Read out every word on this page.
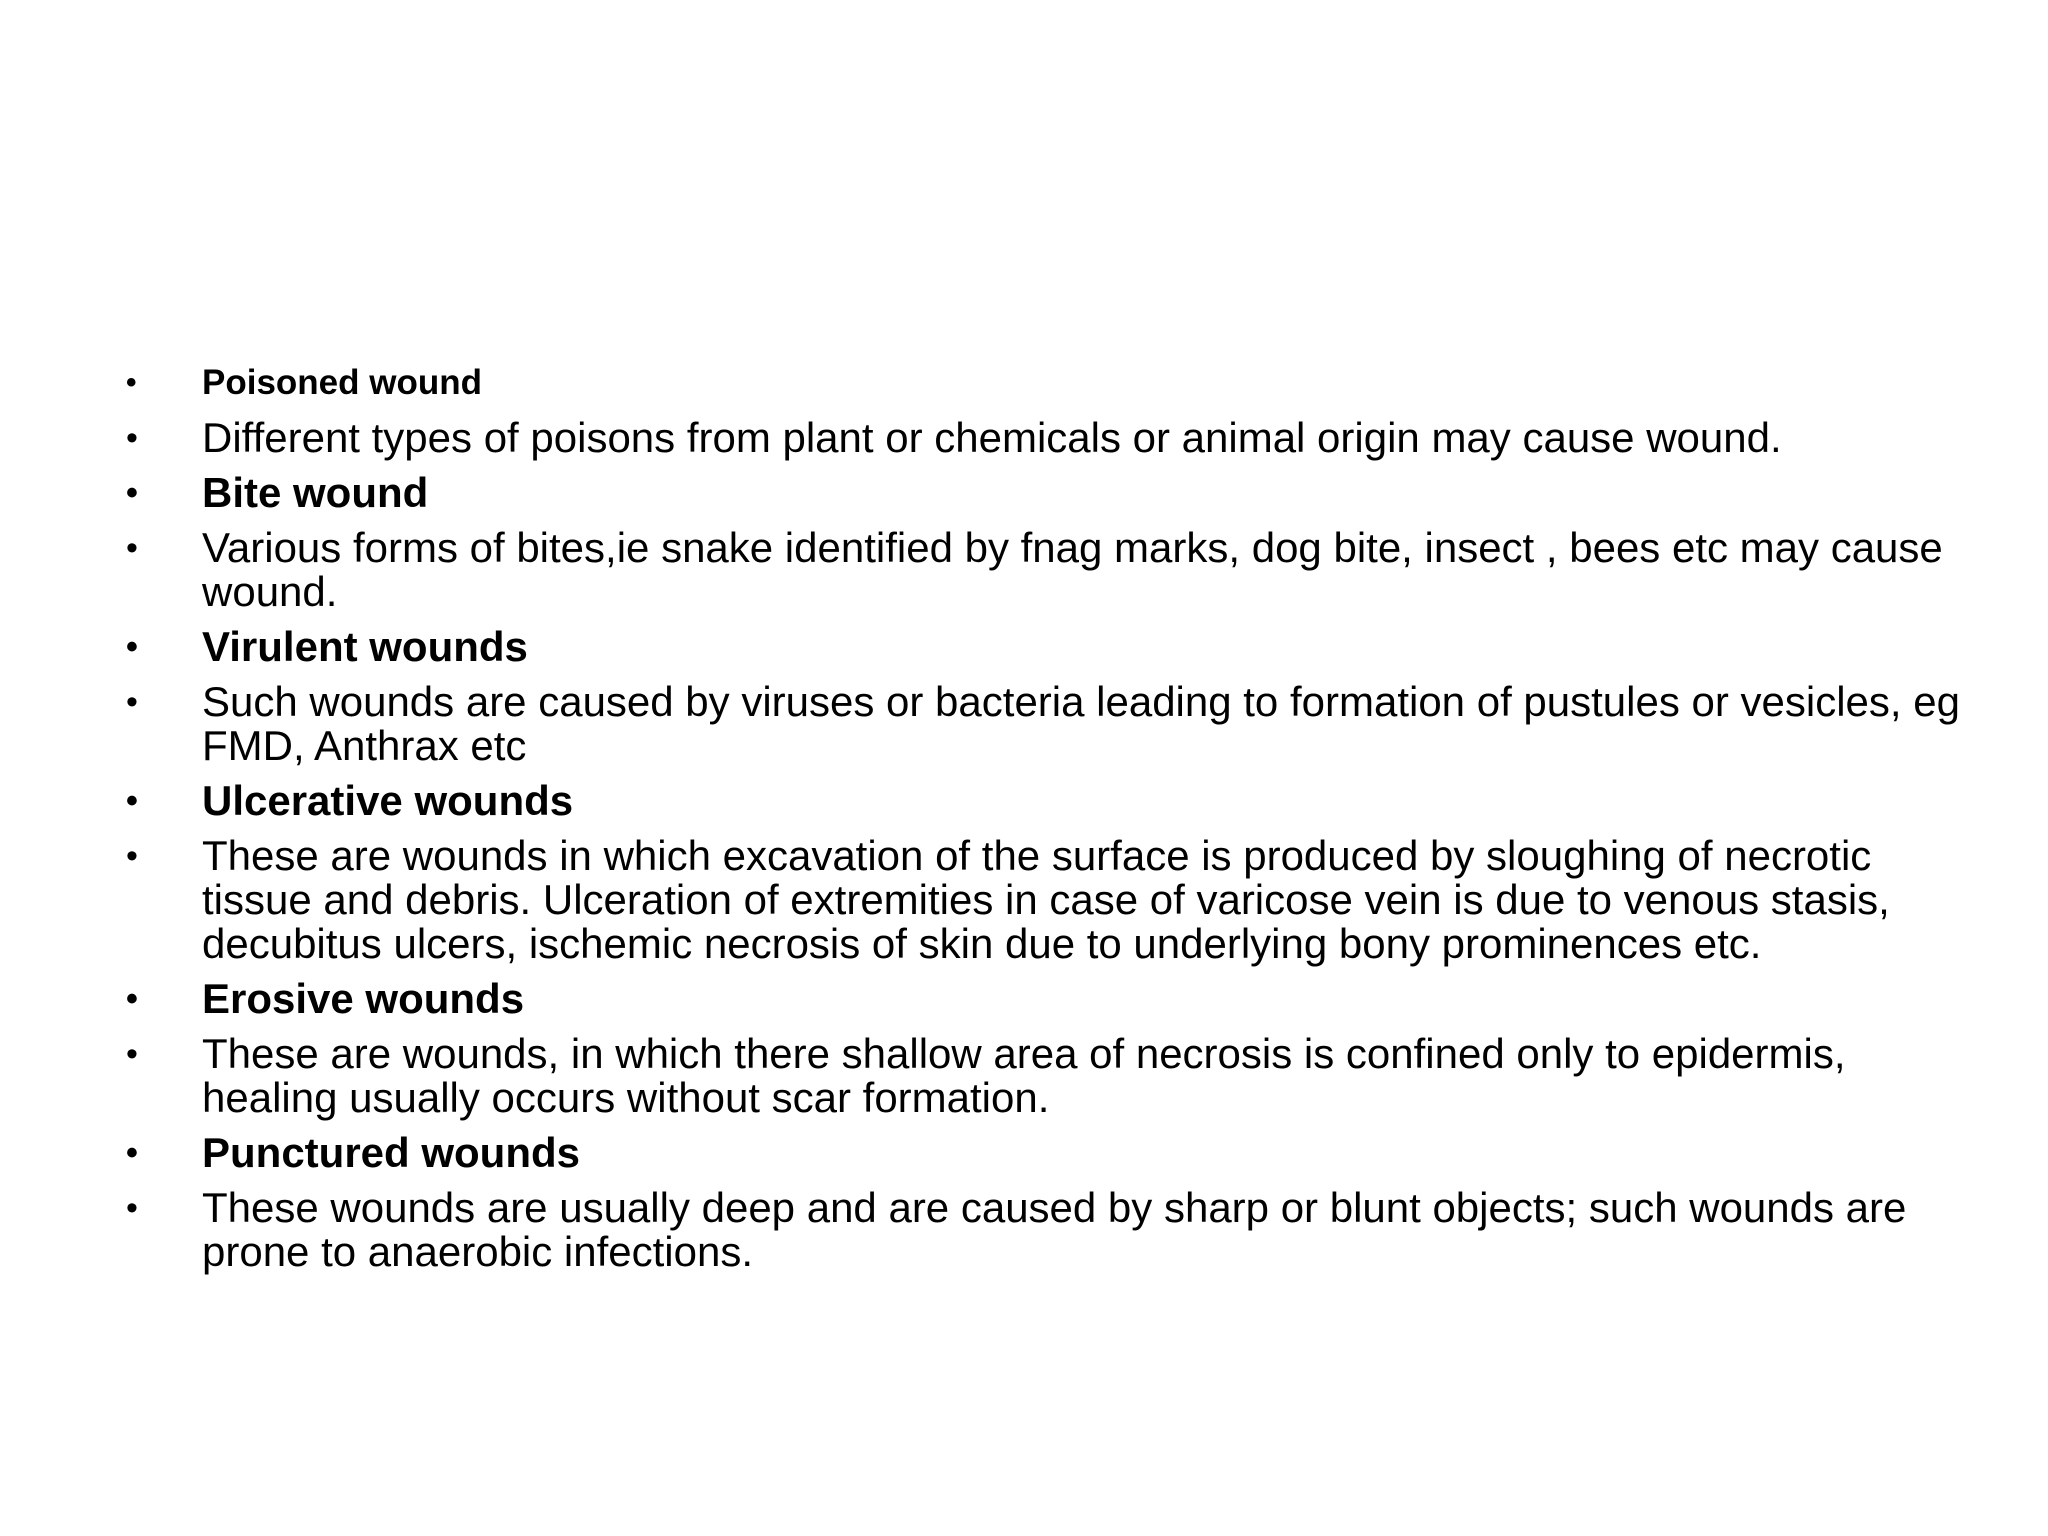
•	Poisoned wound
•	Different types of poisons from plant or chemicals or animal origin may cause wound.
•	Bite wound
•	Various forms of bites,ie snake identified by fnag marks, dog bite, insect , bees etc may cause wound.
•	Virulent wounds
•	Such wounds are caused by viruses or bacteria leading to formation of pustules or vesicles, eg FMD, Anthrax etc
•	Ulcerative wounds
•	These are wounds in which excavation of the surface is produced by sloughing of necrotic tissue and debris. Ulceration of extremities in case of varicose vein is due to venous stasis, decubitus ulcers, ischemic necrosis of skin due to underlying bony prominences etc.
•	Erosive wounds
•	These are wounds, in which there shallow area of necrosis is confined only to epidermis, healing usually occurs without scar formation.
•	Punctured wounds
•	These wounds are usually deep and are caused by sharp or blunt objects; such wounds are prone to anaerobic infections.
